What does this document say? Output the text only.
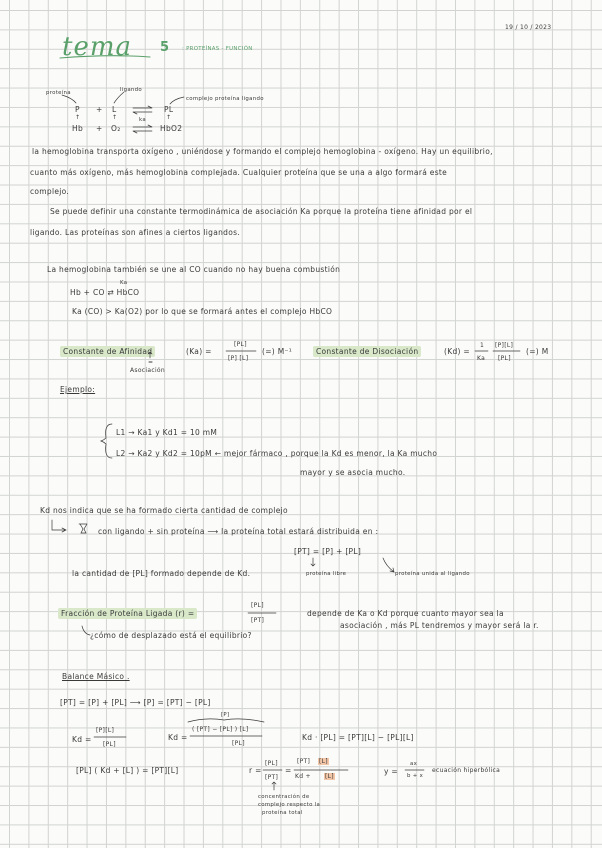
19 / 10 / 2023
tema 5 : PROTEÍNAS - FUNCIÓN
proteína	ligando
complejo proteína ligando
P + L	PL
↑	↑	↑
Hb + O₂
ka
HbO2
la hemoglobina transporta oxígeno , uniéndose y formando el complejo hemoglobina - oxígeno. Hay un equilibrio,
cuanto más oxígeno, más hemoglobina complejada. Cualquier proteína que se una a algo formará este
complejo.
Se puede definir una constante termodinámica de asociación Ka porque la proteína tiene afinidad por el
ligando. Las proteínas son afines a ciertos ligandos.
La hemoglobina también se une al CO cuando no hay buena combustión
Ka
Hb + CO ⇄ HbCO
Ka (CO) > Ka(O2) por lo que se formará antes el complejo HbCO
Constante de Afinidad	(Ka) =
[PL]
[P] [L]
(=) M⁻¹
=
Asociación
Constante de Disociación	(Kd) =
1
Ka
[P][L]
[PL]
(=) M
Ejemplo:
L1 → Ka1 y Kd1 = 10 mM
L2 → Ka2 y Kd2 = 10pM ← mejor fármaco , porque la Kd es menor, la Ka mucho
mayor y se asocia mucho.
Kd nos indica que se ha formado cierta cantidad de complejo
con ligando + sin proteína ⟶ la proteína total estará distribuida en :
[PT] = [P] + [PL]
proteína libre	proteína unida al ligando
la cantidad de [PL] formado depende de Kd.
Fracción de Proteína Ligada (r) =
[PL]
[PT]
depende de Ka o Kd porque cuanto mayor sea la
asociación , más PL tendremos y mayor será la r.
¿cómo de desplazado está el equilibrio?
Balance Másico .
[PT] = [P] + [PL] ⟶ [P] = [PT] − [PL]
Kd =
[P][L]
[PL]
Kd =
[P]
( [PT] − [PL] ) [L]
[PL]
Kd · [PL] = [PT][L] − [PL][L]
[PL] ( Kd + [L] ) = [PT][L]	r =
[PL]
[PT]
=
[PT] [L]
Kd + [L]
y =
ax
b + x
ecuación hiperbólica
concentración de
complejo respecto la
proteína total
